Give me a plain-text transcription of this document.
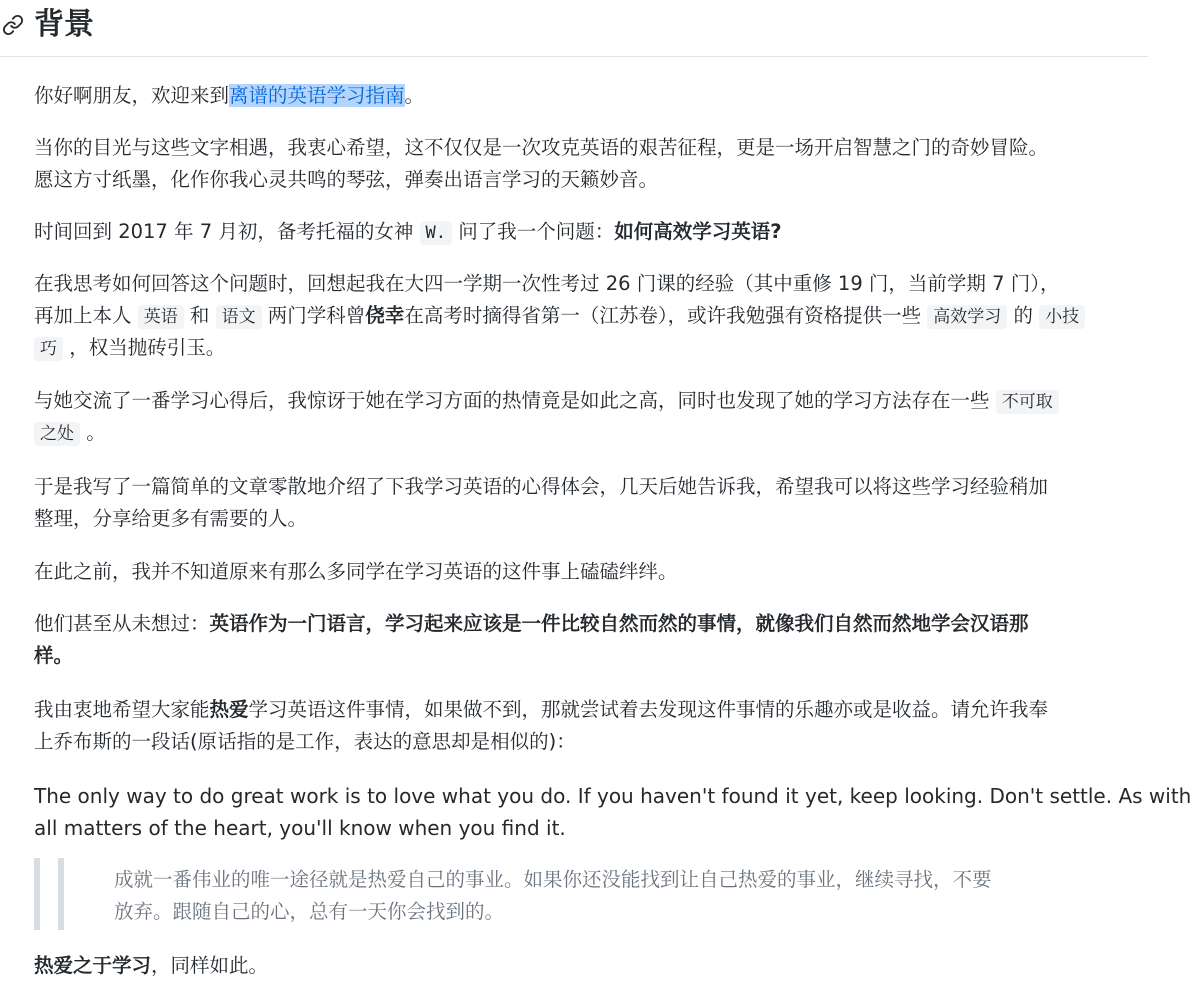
背景

你好啊朋友，欢迎来到离谱的英语学习指南。

当你的目光与这些文字相遇，我衷心希望，这不仅仅是一次攻克英语的艰苦征程，更是一场开启智慧之门的奇妙冒险。
愿这方寸纸墨，化作你我心灵共鸣的琴弦，弹奏出语言学习的天籁妙音。

时间回到 2017 年 7 月初，备考托福的女神 W. 问了我一个问题：如何高效学习英语?

在我思考如何回答这个问题时，回想起我在大四一学期一次性考过 26 门课的经验（其中重修 19 门，当前学期 7 门），
再加上本人 英语 和 语文 两门学科曾侥幸在高考时摘得省第一（江苏卷），或许我勉强有资格提供一些 高效学习 的 小技
巧 ，权当抛砖引玉。

与她交流了一番学习心得后，我惊讶于她在学习方面的热情竟是如此之高，同时也发现了她的学习方法存在一些 不可取
之处 。

于是我写了一篇简单的文章零散地介绍了下我学习英语的心得体会，几天后她告诉我，希望我可以将这些学习经验稍加
整理，分享给更多有需要的人。

在此之前，我并不知道原来有那么多同学在学习英语的这件事上磕磕绊绊。

他们甚至从未想过：英语作为一门语言，学习起来应该是一件比较自然而然的事情，就像我们自然而然地学会汉语那
样。

我由衷地希望大家能热爱学习英语这件事情，如果做不到，那就尝试着去发现这件事情的乐趣亦或是收益。请允许我奉
上乔布斯的一段话(原话指的是工作，表达的意思却是相似的)：

The only way to do great work is to love what you do. If you haven't found it yet, keep looking. Don't settle. As with
all matters of the heart, you'll know when you find it.

成就一番伟业的唯一途径就是热爱自己的事业。如果你还没能找到让自己热爱的事业，继续寻找，不要
放弃。跟随自己的心，总有一天你会找到的。

热爱之于学习，同样如此。
